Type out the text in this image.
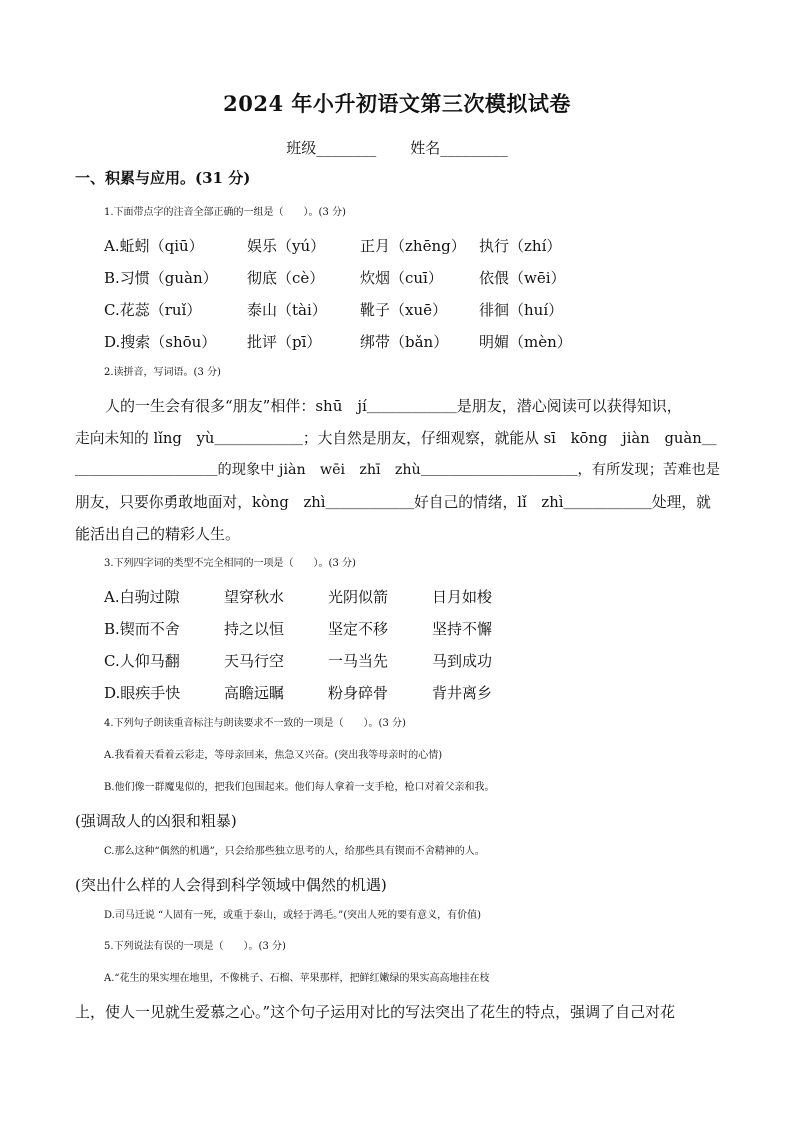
2024 年小升初语文第三次模拟试卷
班级________ 姓名_________
一、积累与应用。(31 分)
1.下面带点字的注音全部正确的一组是（　　）。(3 分)
A.蚯蚓（qiū）	娱乐（yú） 正月（zhēng） 执行（zhí）
B.习惯（guàn） 彻底（cè） 炊烟（cuī） 依偎（wēi）
C.花蕊（ruǐ）	泰山（tài） 靴子（xuē） 徘徊（huí）
D.搜索（shōu） 批评（pī）	绑带（bǎn） 明媚（mèn）
2.读拼音，写词语。(3 分)
人的一生会有很多“朋友”相伴：shū　jí＿＿＿＿＿＿是朋友，潜心阅读可以获得知识，
走向未知的 lǐng　yù＿＿＿＿＿＿；大自然是朋友，仔细观察，就能从 sī　kōng　jiàn　guàn＿
＿＿＿＿＿＿＿＿＿＿的现象中 jiàn　wēi　zhī　zhù＿＿＿＿＿＿＿＿＿＿＿，有所发现；苦难也是
朋友，只要你勇敢地面对，kòng　zhì＿＿＿＿＿＿好自己的情绪，lǐ　zhì＿＿＿＿＿＿处理，就
能活出自己的精彩人生。
3.下列四字词的类型不完全相同的一项是（　　）。(3 分)
A.白驹过隙	望穿秋水	光阴似箭	日月如梭
B.锲而不舍	持之以恒	坚定不移	坚持不懈
C.人仰马翻	天马行空	一马当先	马到成功
D.眼疾手快	高瞻远瞩	粉身碎骨	背井离乡
4.下列句子朗读重音标注与朗读要求不一致的一项是（　　）。(3 分)
A.我看着天看着云彩走，等母亲回来，焦急又兴奋。(突出我等母亲时的心情)
B.他们像一群魔鬼似的，把我们包围起来。他们每人拿着一支手枪，枪口对着父亲和我。
(强调敌人的凶狠和粗暴)
C.那么这种“偶然的机遇”，只会给那些独立思考的人，给那些具有锲而不舍精神的人。
(突出什么样的人会得到科学领域中偶然的机遇)
D.司马迁说 “人固有一死，或重于泰山，或轻于鸿毛。”(突出人死的要有意义，有价值)
5.下列说法有误的一项是（　　）。(3 分)
A.“花生的果实埋在地里，不像桃子、石榴、苹果那样，把鲜红嫩绿的果实高高地挂在枝
上，使人一见就生爱慕之心。”这个句子运用对比的写法突出了花生的特点，强调了自己对花
